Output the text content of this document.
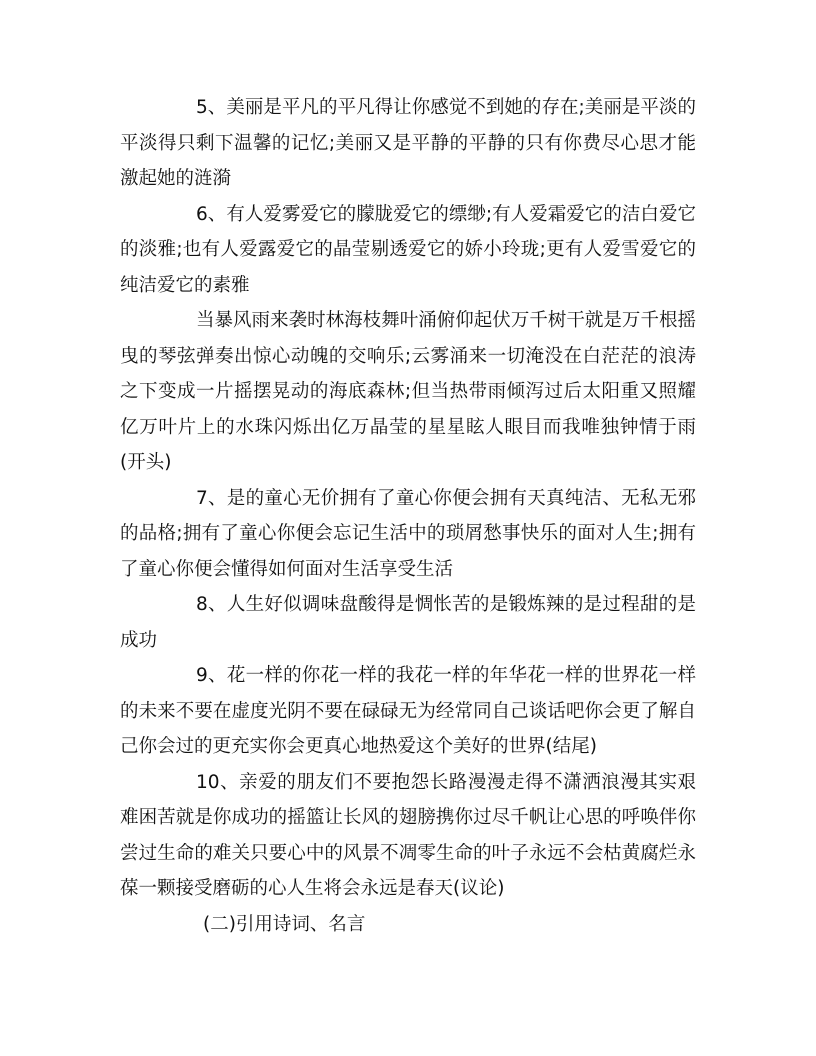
5、美丽是平凡的平凡得让你感觉不到她的存在;美丽是平淡的平淡得只剩下温馨的记忆;美丽又是平静的平静的只有你费尽心思才能激起她的涟漪

6、有人爱雾爱它的朦胧爱它的缥缈;有人爱霜爱它的洁白爱它的淡雅;也有人爱露爱它的晶莹剔透爱它的娇小玲珑;更有人爱雪爱它的纯洁爱它的素雅

当暴风雨来袭时林海枝舞叶涌俯仰起伏万千树干就是万千根摇曳的琴弦弹奏出惊心动魄的交响乐;云雾涌来一切淹没在白茫茫的浪涛之下变成一片摇摆晃动的海底森林;但当热带雨倾泻过后太阳重又照耀亿万叶片上的水珠闪烁出亿万晶莹的星星眩人眼目而我唯独钟情于雨(开头)

7、是的童心无价拥有了童心你便会拥有天真纯洁、无私无邪的品格;拥有了童心你便会忘记生活中的琐屑愁事快乐的面对人生;拥有了童心你便会懂得如何面对生活享受生活

8、人生好似调味盘酸得是惆怅苦的是锻炼辣的是过程甜的是成功

9、花一样的你花一样的我花一样的年华花一样的世界花一样的未来不要在虚度光阴不要在碌碌无为经常同自己谈话吧你会更了解自己你会过的更充实你会更真心地热爱这个美好的世界(结尾)

10、亲爱的朋友们不要抱怨长路漫漫走得不潇洒浪漫其实艰难困苦就是你成功的摇篮让长风的翅膀携你过尽千帆让心思的呼唤伴你尝过生命的难关只要心中的风景不凋零生命的叶子永远不会枯黄腐烂永葆一颗接受磨砺的心人生将会永远是春天(议论)

(二)引用诗词、名言
